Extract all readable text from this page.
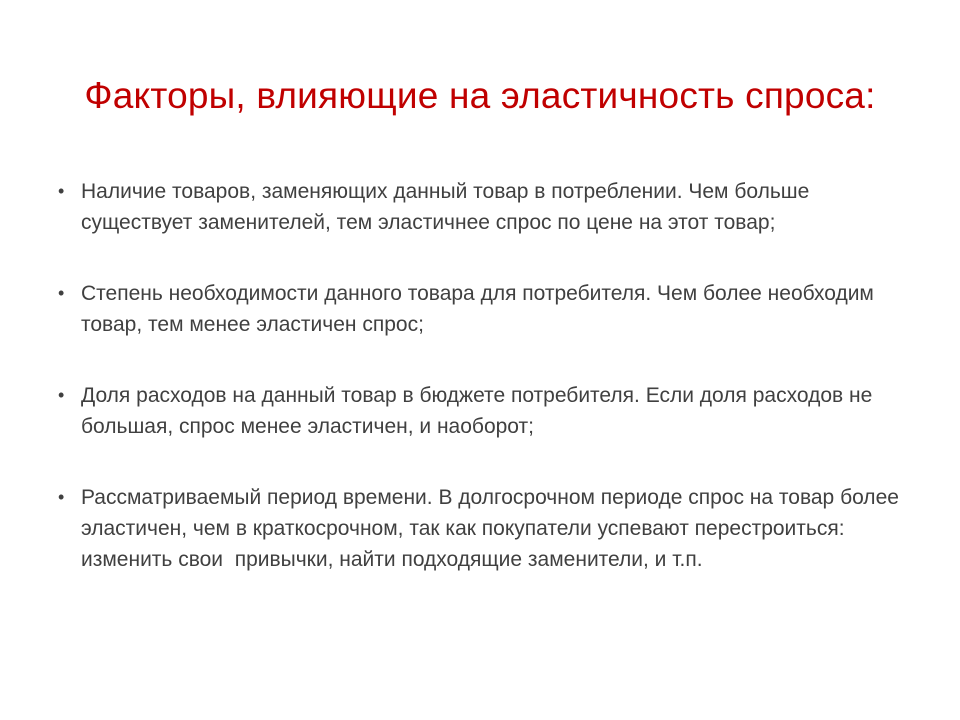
Факторы, влияющие на эластичность спроса:
• Наличие товаров, заменяющих данный товар в потреблении. Чем больше существует заменителей, тем эластичнее спрос по цене на этот товар;
• Степень необходимости данного товара для потребителя. Чем более необходим товар, тем менее эластичен спрос;
• Доля расходов на данный товар в бюджете потребителя. Если доля расходов не большая, спрос менее эластичен, и наоборот;
• Рассматриваемый период времени. В долгосрочном периоде спрос на товар более эластичен, чем в краткосрочном, так как покупатели успевают перестроиться: изменить свои  привычки, найти подходящие заменители, и т.п.
